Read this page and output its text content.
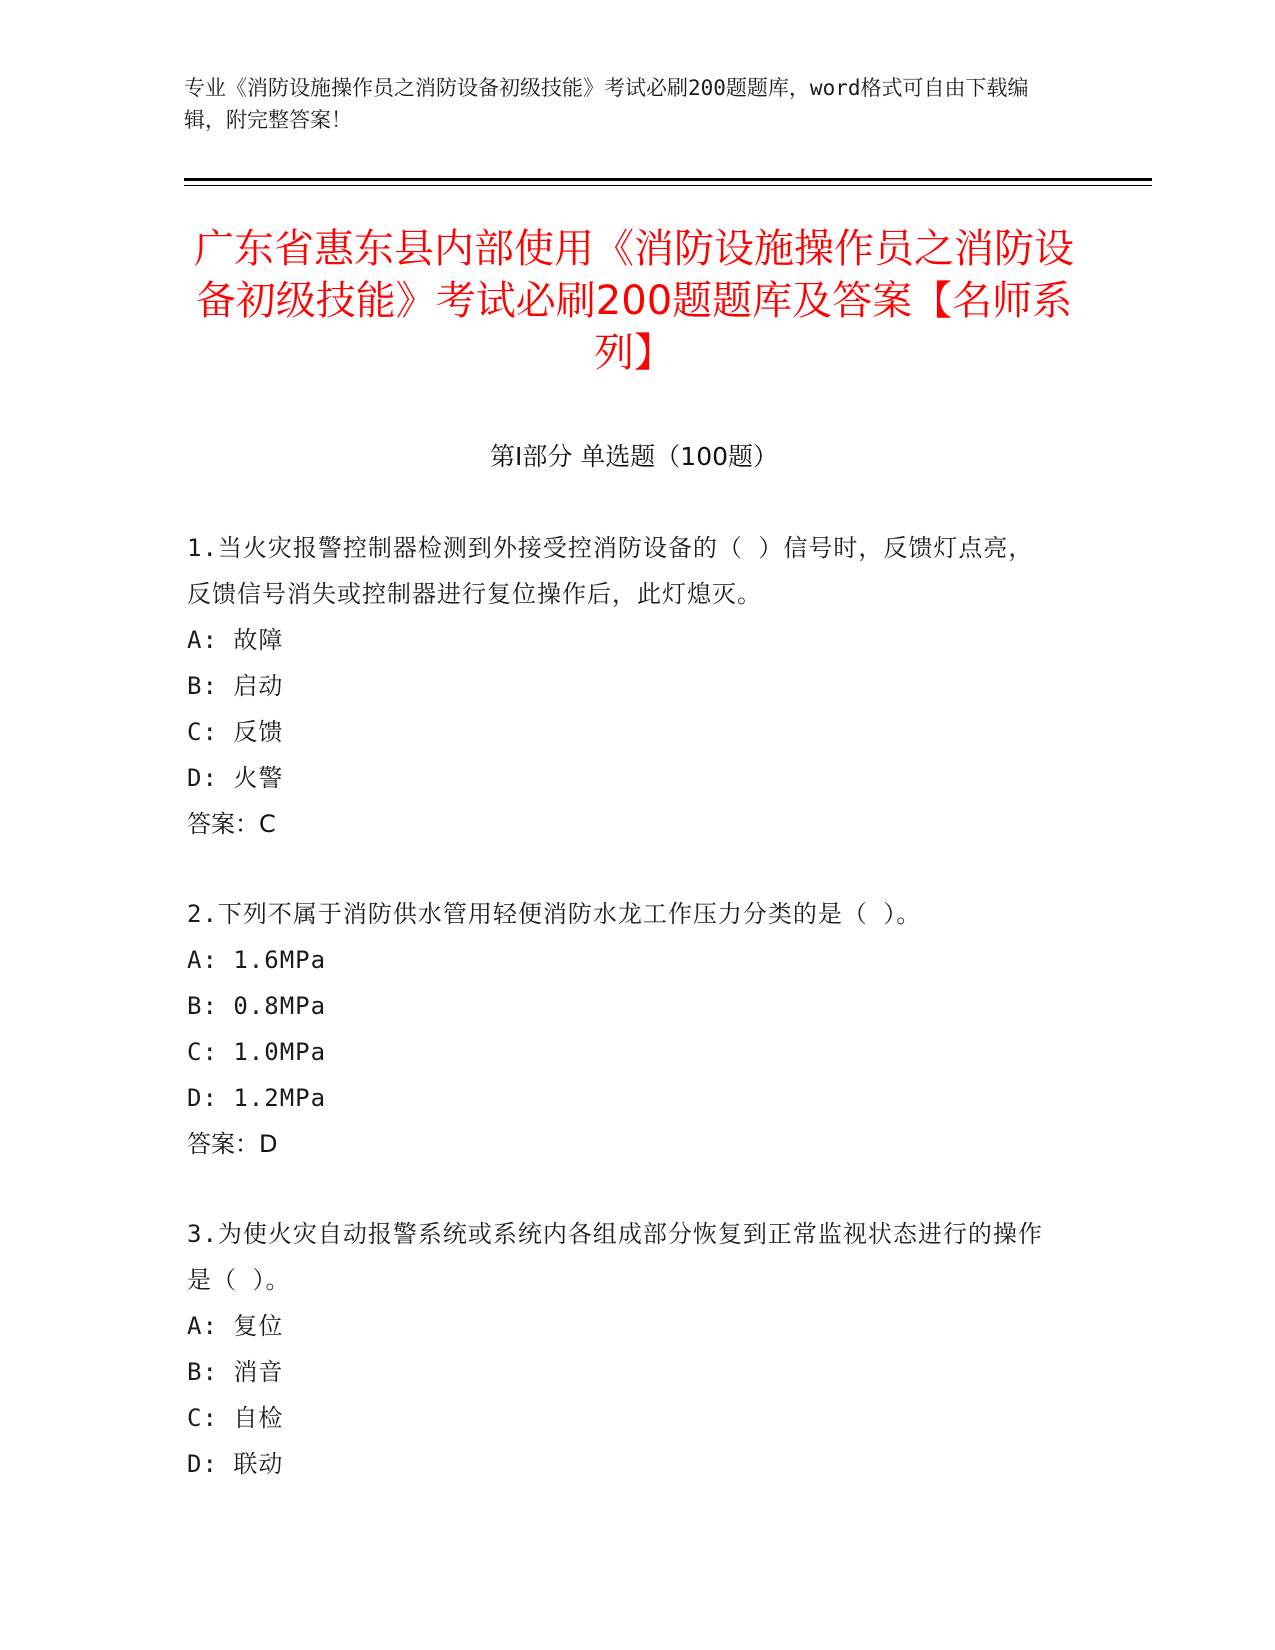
专业《消防设施操作员之消防设备初级技能》考试必刷200题题库，word格式可自由下载编辑，附完整答案！
广东省惠东县内部使用《消防设施操作员之消防设备初级技能》考试必刷200题题库及答案【名师系列】
第I部分 单选题（100题）
1.当火灾报警控制器检测到外接受控消防设备的（ ）信号时，反馈灯点亮，反馈信号消失或控制器进行复位操作后，此灯熄灭。
A: 故障
B: 启动
C: 反馈
D: 火警
答案：C
2.下列不属于消防供水管用轻便消防水龙工作压力分类的是（ ）。
A: 1.6MPa
B: 0.8MPa
C: 1.0MPa
D: 1.2MPa
答案：D
3.为使火灾自动报警系统或系统内各组成部分恢复到正常监视状态进行的操作是（ ）。
A: 复位
B: 消音
C: 自检
D: 联动
